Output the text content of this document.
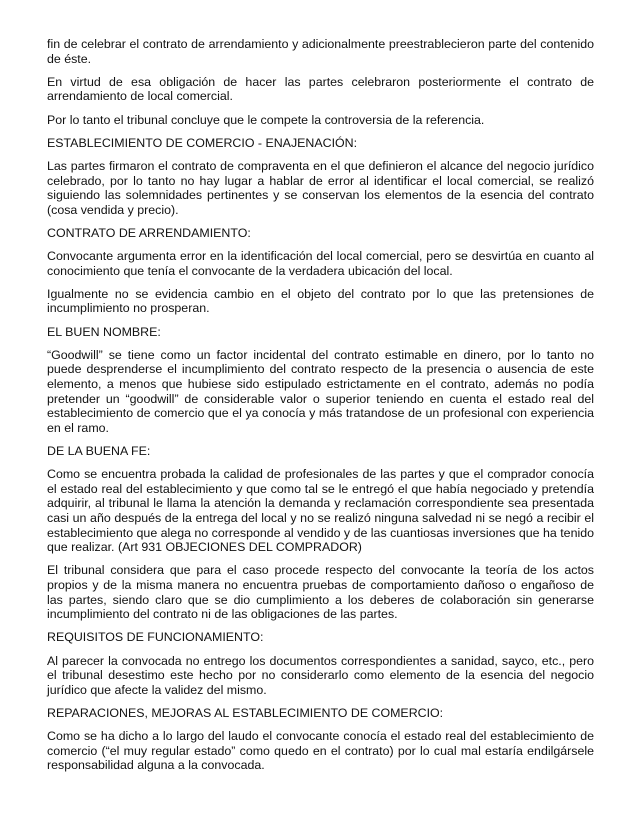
fin de celebrar el contrato de arrendamiento y adicionalmente preestrablecieron parte del contenido de éste.

En virtud de esa obligación de hacer las partes celebraron posteriormente el contrato de arrendamiento de local comercial.

Por lo tanto el tribunal concluye que le compete la controversia de la referencia.

ESTABLECIMIENTO DE COMERCIO - ENAJENACIÓN:

Las partes firmaron el contrato de compraventa en el que definieron el alcance del negocio jurídico celebrado, por lo tanto no hay lugar a hablar de error al identificar el local comercial, se realizó siguiendo las solemnidades pertinentes y se conservan los elementos de la esencia del contrato (cosa vendida y precio).

CONTRATO DE ARRENDAMIENTO:

Convocante argumenta error en la identificación del local comercial, pero se desvirtúa en cuanto al conocimiento que tenía el convocante de la verdadera ubicación del local.

Igualmente no se evidencia cambio en el objeto del contrato por lo que las pretensiones de incumplimiento no prosperan.

EL BUEN NOMBRE:

“Goodwill” se tiene como un factor incidental del contrato estimable en dinero, por lo tanto no puede desprenderse el incumplimiento del contrato respecto de la presencia o ausencia de este elemento, a menos que hubiese sido estipulado estrictamente en el contrato, además no podía pretender un “goodwill” de considerable valor o superior teniendo en cuenta el estado real del establecimiento de comercio que el ya conocía y más tratandose de un profesional con experiencia en el ramo.

DE LA BUENA FE:

Como se encuentra probada la calidad de profesionales de las partes y que el comprador conocía el estado real del establecimiento y que como tal se le entregó el que había negociado y pretendía adquirir, al tribunal le llama la atención la demanda y reclamación correspondiente sea presentada casi un año después de la entrega del local y no se realizó ninguna salvedad ni se negó a recibir el establecimiento que alega no corresponde al vendido y de las cuantiosas inversiones que ha tenido que realizar. (Art 931 OBJECIONES DEL COMPRADOR)

El tribunal considera que para el caso procede respecto del convocante la teoría de los actos propios y de la misma manera no encuentra pruebas de comportamiento dañoso o engañoso de las partes, siendo claro que se dio cumplimiento a los deberes de colaboración sin generarse incumplimiento del contrato ni de las obligaciones de las partes.

REQUISITOS DE FUNCIONAMIENTO:

Al parecer la convocada no entrego los documentos correspondientes a sanidad, sayco, etc., pero el tribunal desestimo este hecho por no considerarlo como elemento de la esencia del negocio jurídico que afecte la validez del mismo.

REPARACIONES, MEJORAS AL ESTABLECIMIENTO DE COMERCIO:

Como se ha dicho a lo largo del laudo el convocante conocía el estado real del establecimiento de comercio (“el muy regular estado” como quedo en el contrato) por lo cual mal estaría endilgársele responsabilidad alguna a la convocada.
